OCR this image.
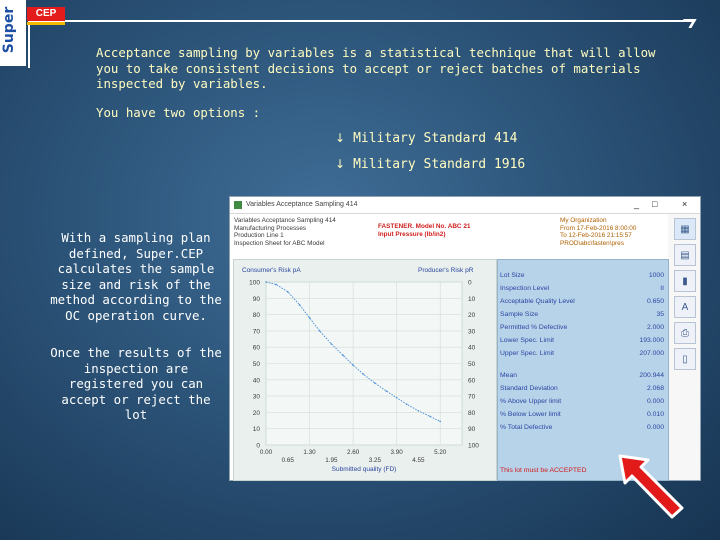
Super	CEP
Acceptance sampling by variables is a statistical technique that will allow you to take consistent decisions to accept or reject batches of materials inspected by variables.
You have two options :
↓ Military Standard 414
↓ Military Standard 1916
With a sampling plan defined, Super.CEP calculates the sample size and risk of the method according to the OC operation curve.
Once the results of the inspection are registered you can accept or reject the lot
Variables Acceptance Sampling 414	_ □	×
Variables Acceptance Sampling 414
Manufacturing Processes
Production Line 1
Inspection Sheet for ABC Model
FASTENER. Model No. ABC 21
Input Pressure (lb/in2)
My Organization
From 17-Feb-2016 8:00:00
To 12-Feb-2016 21:15:57
PROD\abc\fasten\pres
100	0
90	10
80	20
70	30
60	40
50	50
40	60
30	70
20	80
10	90
0	100
0.00	1.30	2.60	3.90	5.20
0.65	1.95	3.25	4.55
Consumer's Risk pA	Producer's Risk pR
Submitted quality (FD)	This lot must be ACCEPTED
Lot Size	1000
Inspection Level	II
Acceptable Quality Level	0.650
Sample Size	35
Permitted % Defective	2.000
Lower Spec. Limit	193.000
Upper Spec. Limit	207.000
Mean	200.944
Standard Deviation	2.068
% Above Upper limit	0.000
% Below Lower limit	0.010
% Total Defective	0.000
▦
▤
▮
A
⎙
▯
